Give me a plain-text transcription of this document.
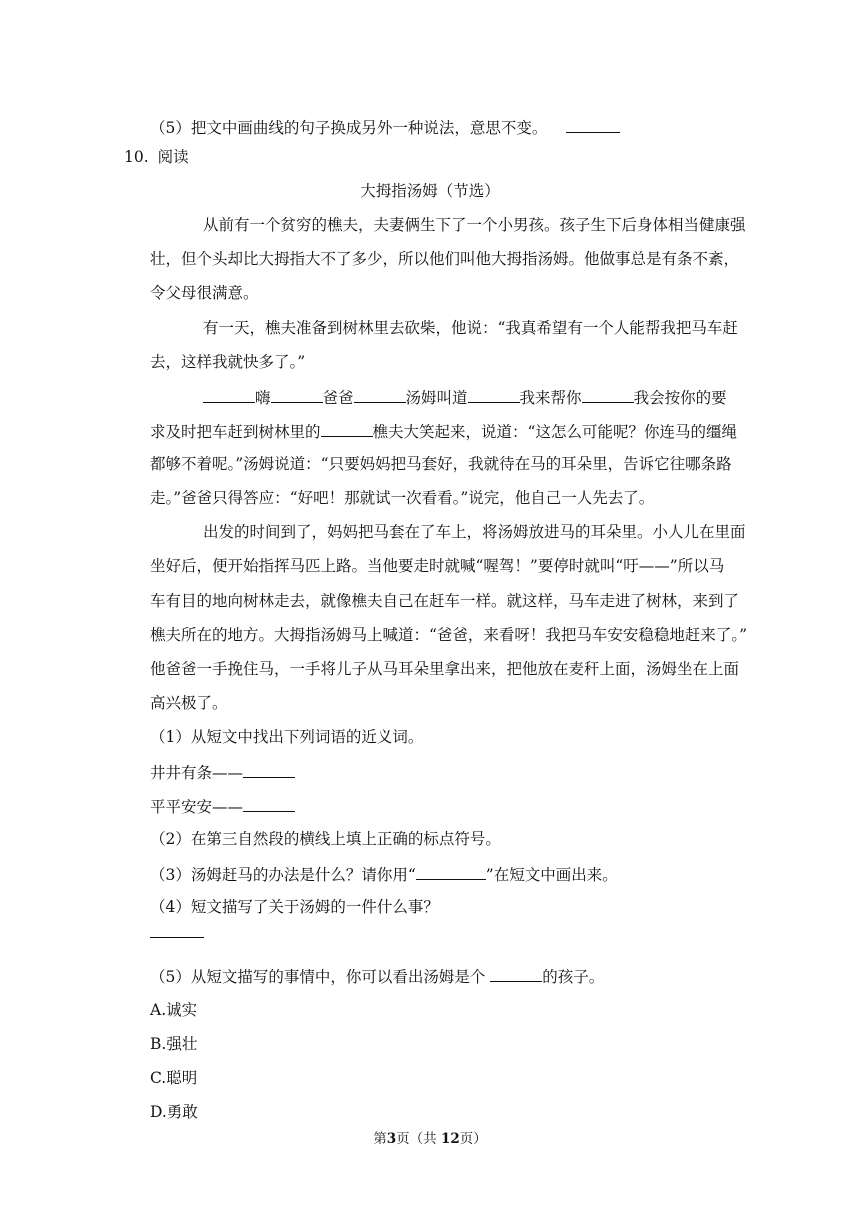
（5）把文中画曲线的句子换成另外一种说法，意思不变。
10. 阅读
大拇指汤姆（节选）
从前有一个贫穷的樵夫，夫妻俩生下了一个小男孩。孩子生下后身体相当健康强
壮，但个头却比大拇指大不了多少，所以他们叫他大拇指汤姆。他做事总是有条不紊，
令父母很满意。
有一天，樵夫准备到树林里去砍柴，他说：“我真希望有一个人能帮我把马车赶
去，这样我就快多了。”
嗨	爸爸	汤姆叫道	我来帮你	我会按你的要
求及时把车赶到树林里的	樵夫大笑起来，说道：“这怎么可能呢？你连马的缰绳
都够不着呢。”汤姆说道：“只要妈妈把马套好，我就待在马的耳朵里，告诉它往哪条路
走。”爸爸只得答应：“好吧！那就试一次看看。”说完，他自己一人先去了。
出发的时间到了，妈妈把马套在了车上，将汤姆放进马的耳朵里。小人儿在里面
坐好后，便开始指挥马匹上路。当他要走时就喊“喔驾！”要停时就叫“吁——”所以马
车有目的地向树林走去，就像樵夫自己在赶车一样。就这样，马车走进了树林，来到了
樵夫所在的地方。大拇指汤姆马上喊道：“爸爸，来看呀！我把马车安安稳稳地赶来了。”
他爸爸一手挽住马，一手将儿子从马耳朵里拿出来，把他放在麦秆上面，汤姆坐在上面
高兴极了。
（1）从短文中找出下列词语的近义词。
井井有条——
平平安安——
（2）在第三自然段的横线上填上正确的标点符号。
（3）汤姆赶马的办法是什么？请你用“	”在短文中画出来。
（4）短文描写了关于汤姆的一件什么事？
（5）从短文描写的事情中，你可以看出汤姆是个	的孩子。
A.诚实
B.强壮
C.聪明
D.勇敢
第3页（共 12页）
